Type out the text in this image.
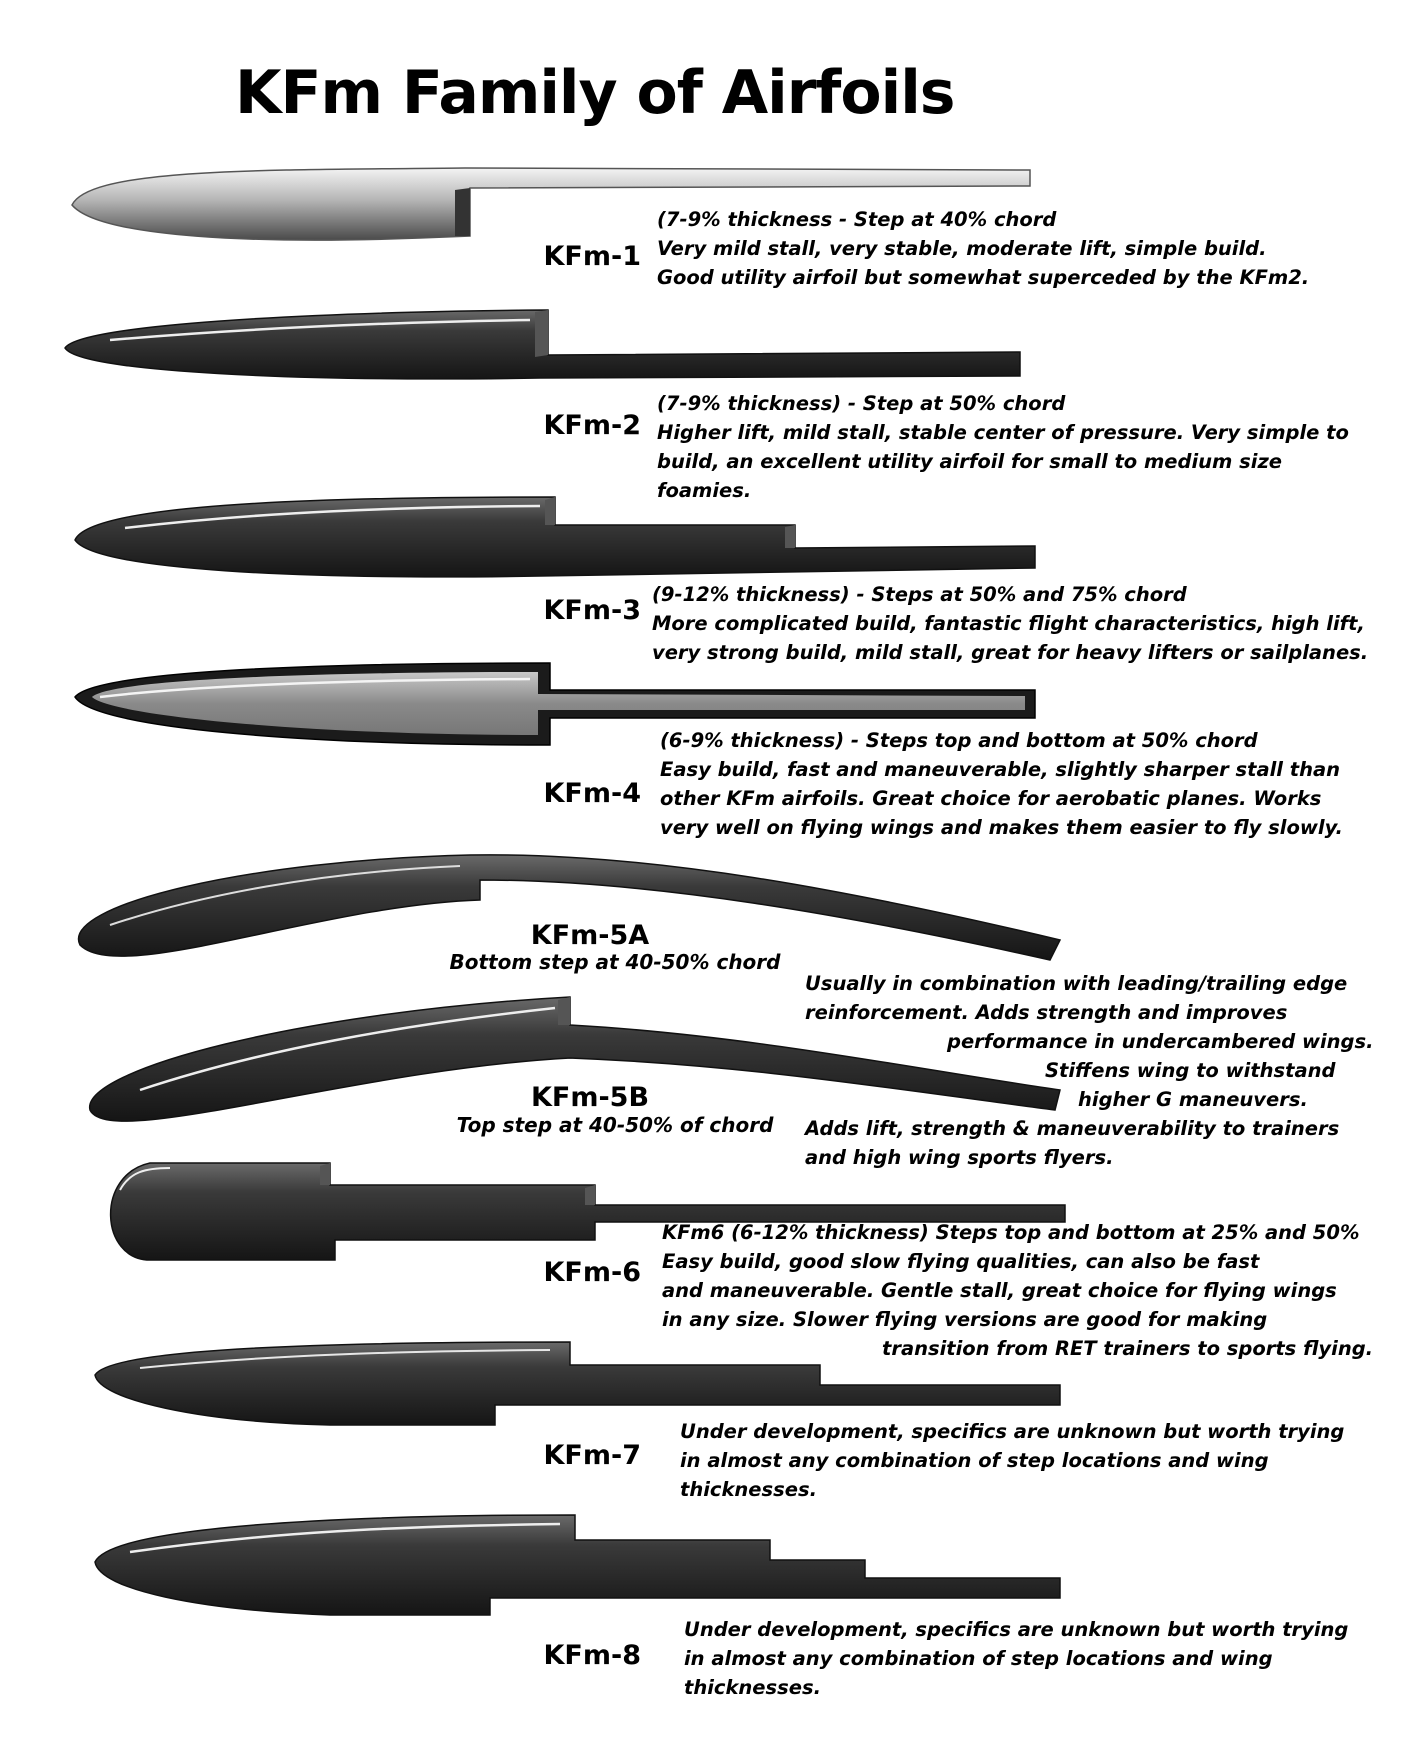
KFm Family of Airfoils
KFm-1
(7-9% thickness - Step at 40% chord
Very mild stall, very stable, moderate lift, simple build.
Good utility airfoil but somewhat superceded by the KFm2.
KFm-2
(7-9% thickness) - Step at 50% chord
Higher lift, mild stall, stable center of pressure. Very simple to
build, an excellent utility airfoil for small to medium size
foamies.
KFm-3
(9-12% thickness) - Steps at 50% and 75% chord
More complicated build, fantastic flight characteristics, high lift,
very strong build, mild stall, great for heavy lifters or sailplanes.
KFm-4
(6-9% thickness) - Steps top and bottom at 50% chord
Easy build, fast and maneuverable, slightly sharper stall than
other KFm airfoils. Great choice for aerobatic planes. Works
very well on flying wings and makes them easier to fly slowly.
KFm-5A
Bottom step at 40-50% chord
Usually in combination with leading/trailing edge
reinforcement. Adds strength and improves
performance in undercambered wings.
Stiffens wing to withstand
higher G maneuvers.
Adds lift, strength & maneuverability to trainers
and high wing sports flyers.
KFm-5B
Top step at 40-50% of chord
KFm-6
KFm6 (6-12% thickness) Steps top and bottom at 25% and 50%
Easy build, good slow flying qualities, can also be fast
and maneuverable. Gentle stall, great choice for flying wings
in any size. Slower flying versions are good for making
transition from RET trainers to sports flying.
KFm-7
Under development, specifics are unknown but worth trying
in almost any combination of step locations and wing
thicknesses.
KFm-8
Under development, specifics are unknown but worth trying
in almost any combination of step locations and wing
thicknesses.
